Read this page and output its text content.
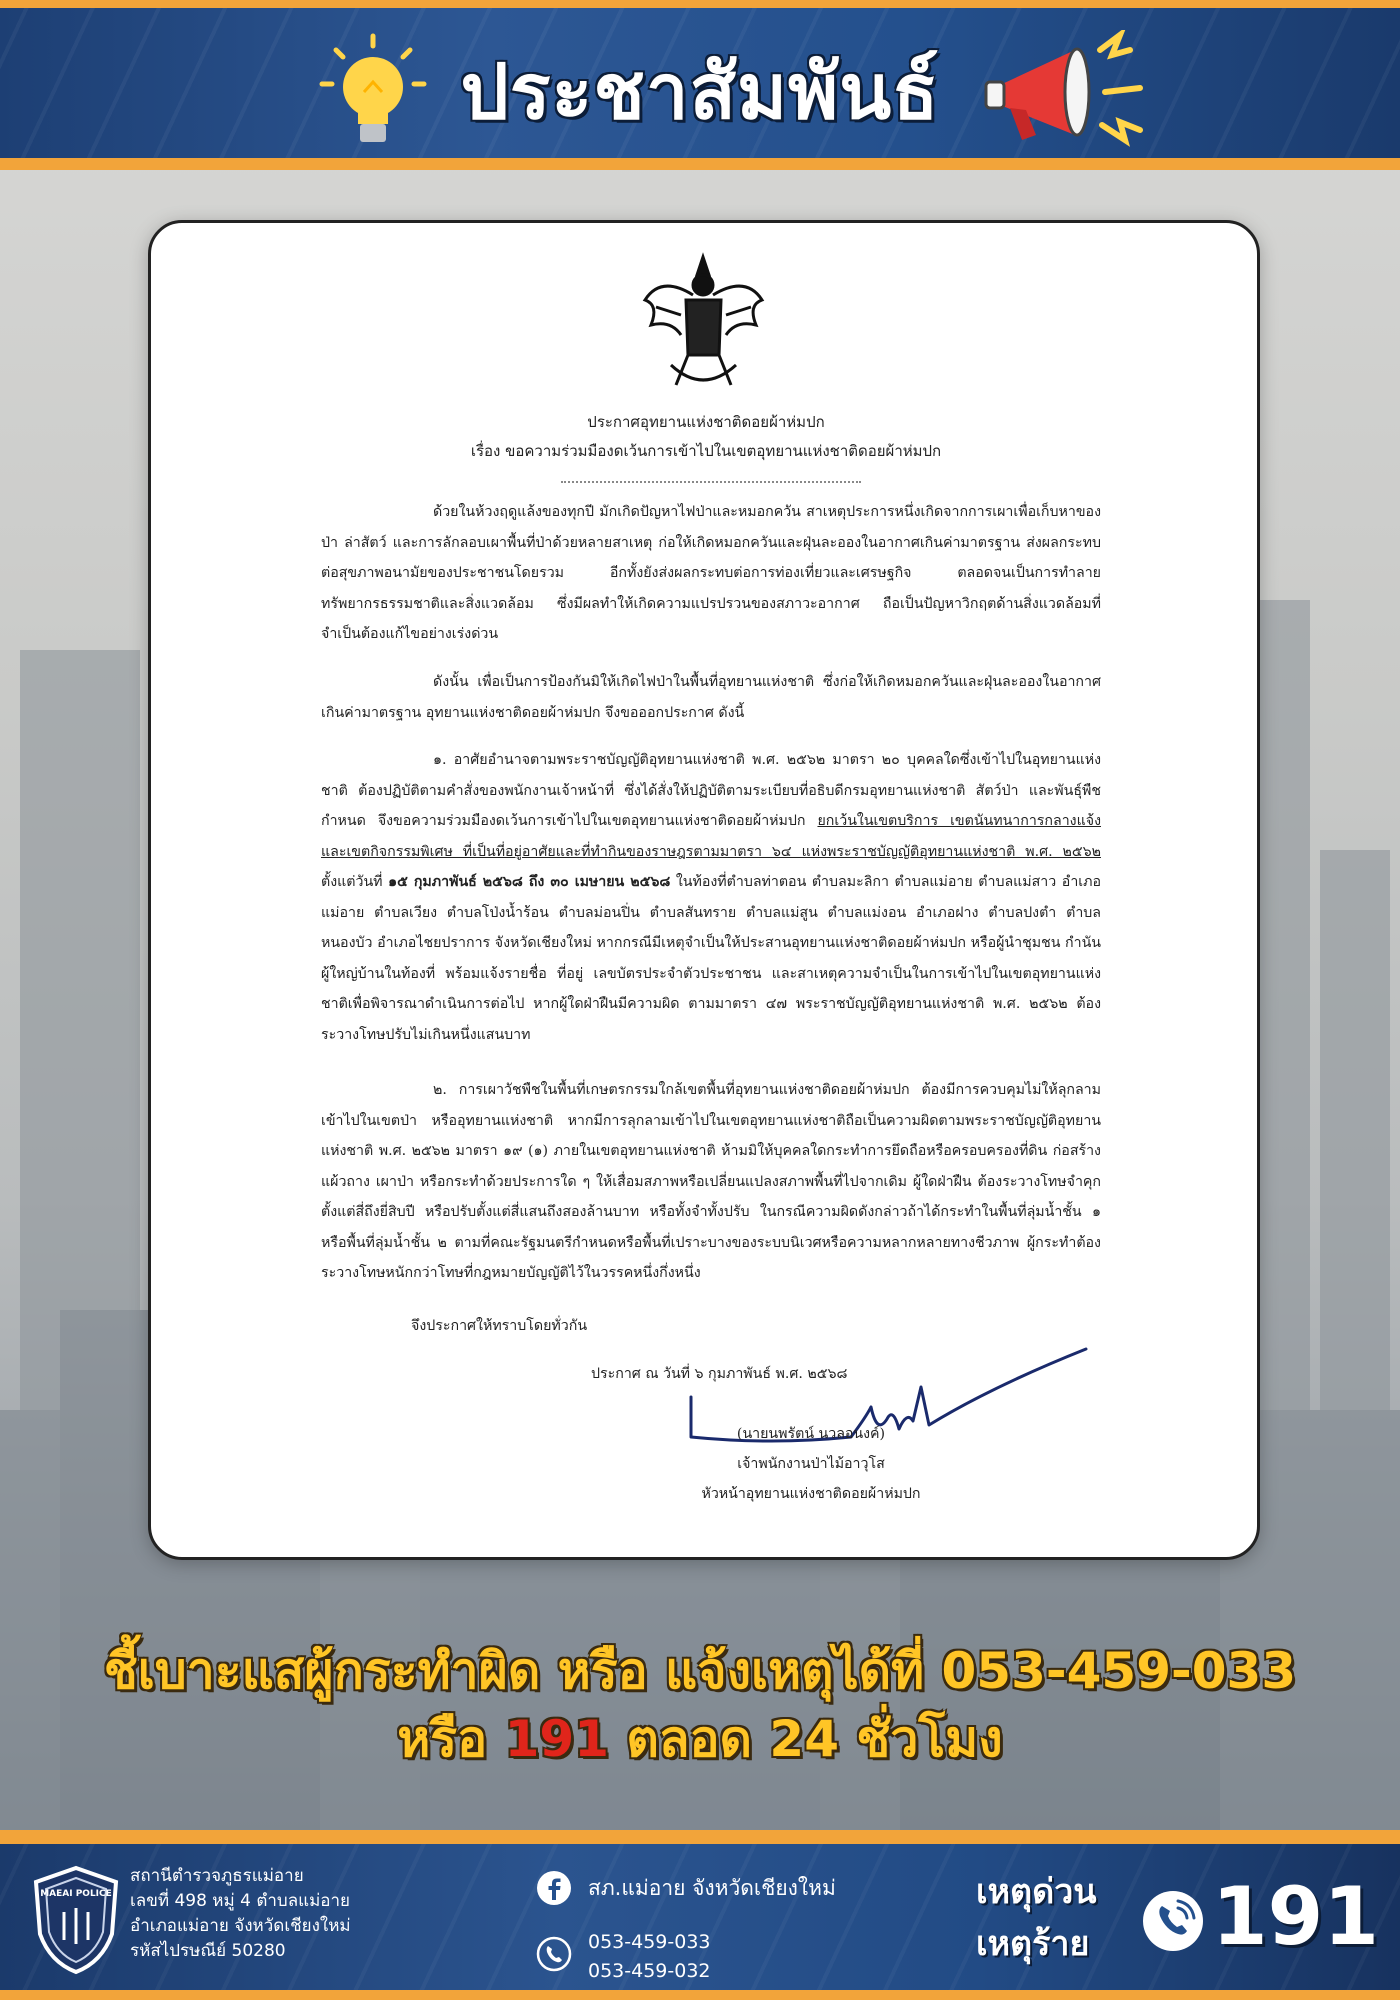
ประชาสัมพันธ์
ประกาศอุทยานแห่งชาติดอยผ้าห่มปก
เรื่อง ขอความร่วมมืองดเว้นการเข้าไปในเขตอุทยานแห่งชาติดอยผ้าห่มปก
ด้วยในห้วงฤดูแล้งของทุกปี มักเกิดปัญหาไฟป่าและหมอกควัน สาเหตุประการหนึ่งเกิดจากการเผาเพื่อเก็บหาของป่า ล่าสัตว์ และการลักลอบเผาพื้นที่ป่าด้วยหลายสาเหตุ ก่อให้เกิดหมอกควันและฝุ่นละอองในอากาศเกินค่ามาตรฐาน ส่งผลกระทบต่อสุขภาพอนามัยของประชาชนโดยรวม อีกทั้งยังส่งผลกระทบต่อการท่องเที่ยวและเศรษฐกิจ ตลอดจนเป็นการทำลายทรัพยากรธรรมชาติและสิ่งแวดล้อม ซึ่งมีผลทำให้เกิดความแปรปรวนของสภาวะอากาศ ถือเป็นปัญหาวิกฤตด้านสิ่งแวดล้อมที่จำเป็นต้องแก้ไขอย่างเร่งด่วน
ดังนั้น เพื่อเป็นการป้องกันมิให้เกิดไฟป่าในพื้นที่อุทยานแห่งชาติ ซึ่งก่อให้เกิดหมอกควันและฝุ่นละอองในอากาศเกินค่ามาตรฐาน อุทยานแห่งชาติดอยผ้าห่มปก จึงขอออกประกาศ ดังนี้
๑. อาศัยอำนาจตามพระราชบัญญัติอุทยานแห่งชาติ พ.ศ. ๒๕๖๒ มาตรา ๒๐ บุคคลใดซึ่งเข้าไปในอุทยานแห่งชาติ ต้องปฏิบัติตามคำสั่งของพนักงานเจ้าหน้าที่ ซึ่งได้สั่งให้ปฏิบัติตามระเบียบที่อธิบดีกรมอุทยานแห่งชาติ สัตว์ป่า และพันธุ์พืชกำหนด จึงขอความร่วมมืองดเว้นการเข้าไปในเขตอุทยานแห่งชาติดอยผ้าห่มปก ยกเว้นในเขตบริการ เขตนันทนาการกลางแจ้ง และเขตกิจกรรมพิเศษ ที่เป็นที่อยู่อาศัยและที่ทำกินของราษฎรตามมาตรา ๖๔ แห่งพระราชบัญญัติอุทยานแห่งชาติ พ.ศ. ๒๕๖๒ ตั้งแต่วันที่ ๑๕ กุมภาพันธ์ ๒๕๖๘ ถึง ๓๐ เมษายน ๒๕๖๘ ในท้องที่ตำบลท่าตอน ตำบลมะลิกา ตำบลแม่อาย ตำบลแม่สาว อำเภอแม่อาย ตำบลเวียง ตำบลโป่งน้ำร้อน ตำบลม่อนปิ่น ตำบลสันทราย ตำบลแม่สูน ตำบลแม่งอน อำเภอฝาง ตำบลปงตำ ตำบลหนองบัว อำเภอไชยปราการ จังหวัดเชียงใหม่ หากกรณีมีเหตุจำเป็นให้ประสานอุทยานแห่งชาติดอยผ้าห่มปก หรือผู้นำชุมชน กำนัน ผู้ใหญ่บ้านในท้องที่ พร้อมแจ้งรายชื่อ ที่อยู่ เลขบัตรประจำตัวประชาชน และสาเหตุความจำเป็นในการเข้าไปในเขตอุทยานแห่งชาติเพื่อพิจารณาดำเนินการต่อไป หากผู้ใดฝ่าฝืนมีความผิด ตามมาตรา ๔๗ พระราชบัญญัติอุทยานแห่งชาติ พ.ศ. ๒๕๖๒ ต้องระวางโทษปรับไม่เกินหนึ่งแสนบาท
๒. การเผาวัชพืชในพื้นที่เกษตรกรรมใกล้เขตพื้นที่อุทยานแห่งชาติดอยผ้าห่มปก ต้องมีการควบคุมไม่ให้ลุกลามเข้าไปในเขตป่า หรืออุทยานแห่งชาติ หากมีการลุกลามเข้าไปในเขตอุทยานแห่งชาติถือเป็นความผิดตามพระราชบัญญัติอุทยานแห่งชาติ พ.ศ. ๒๕๖๒ มาตรา ๑๙ (๑) ภายในเขตอุทยานแห่งชาติ ห้ามมิให้บุคคลใดกระทำการยึดถือหรือครอบครองที่ดิน ก่อสร้าง แผ้วถาง เผาป่า หรือกระทำด้วยประการใด ๆ ให้เสื่อมสภาพหรือเปลี่ยนแปลงสภาพพื้นที่ไปจากเดิม ผู้ใดฝ่าฝืน ต้องระวางโทษจำคุกตั้งแต่สี่ถึงยี่สิบปี หรือปรับตั้งแต่สี่แสนถึงสองล้านบาท หรือทั้งจำทั้งปรับ ในกรณีความผิดดังกล่าวถ้าได้กระทำในพื้นที่ลุ่มน้ำชั้น ๑ หรือพื้นที่ลุ่มน้ำชั้น ๒ ตามที่คณะรัฐมนตรีกำหนดหรือพื้นที่เปราะบางของระบบนิเวศหรือความหลากหลายทางชีวภาพ ผู้กระทำต้องระวางโทษหนักกว่าโทษที่กฎหมายบัญญัติไว้ในวรรคหนึ่งกึ่งหนึ่ง
จึงประกาศให้ทราบโดยทั่วกัน
ประกาศ ณ วันที่ ๖ กุมภาพันธ์ พ.ศ. ๒๕๖๘
(นายนพรัตน์ นวลอนงค์)
เจ้าพนักงานป่าไม้อาวุโส
หัวหน้าอุทยานแห่งชาติดอยผ้าห่มปก
ชี้เบาะแสผู้กระทำผิด หรือ แจ้งเหตุได้ที่ 053-459-033
หรือ 191 ตลอด 24 ชั่วโมง
MAEAI POLICE
สถานีตำรวจภูธรแม่อาย
เลขที่ 498 หมู่ 4 ตำบลแม่อาย
อำเภอแม่อาย จังหวัดเชียงใหม่
รหัสไปรษณีย์ 50280
สภ.แม่อาย จังหวัดเชียงใหม่
053-459-033
053-459-032
เหตุด่วน
เหตุร้าย 191
